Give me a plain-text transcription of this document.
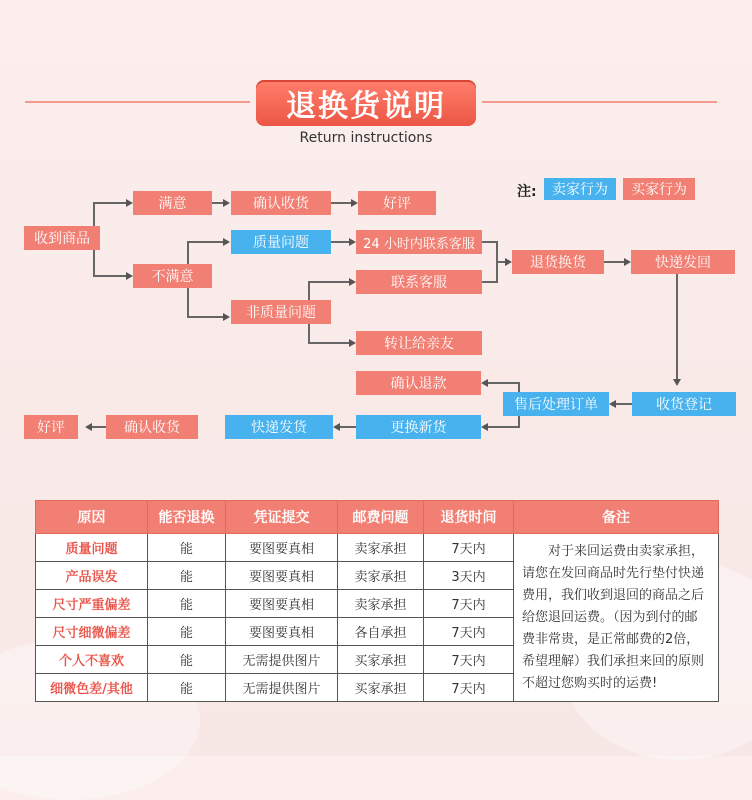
退换货说明
Return instructions
注:	卖家行为	买家行为
收到商品
满意	确认收货	好评
不满意
质量问题	24 小时内联系客服
非质量问题
联系客服
转让给亲友
退货换货	快递发回
收货登记
售后处理订单
确认退款
更换新货
快递发货
确认收货
好评
原因	能否退换	凭证提交	邮费问题	退货时间	备注
质量问题	能	要图要真相	卖家承担	7天内	对于来回运费由卖家承担，请您在发回商品时先行垫付快递费用，我们收到退回的商品之后给您退回运费。（因为到付的邮费非常贵，是正常邮费的2倍，希望理解）我们承担来回的原则不超过您购买时的运费!
产品误发	能	要图要真相	卖家承担	3天内	
尺寸严重偏差	能	要图要真相	卖家承担	7天内	
尺寸细微偏差	能	要图要真相	各自承担	7天内	
个人不喜欢	能	无需提供图片	买家承担	7天内	
细微色差/其他	能	无需提供图片	买家承担	7天内	
